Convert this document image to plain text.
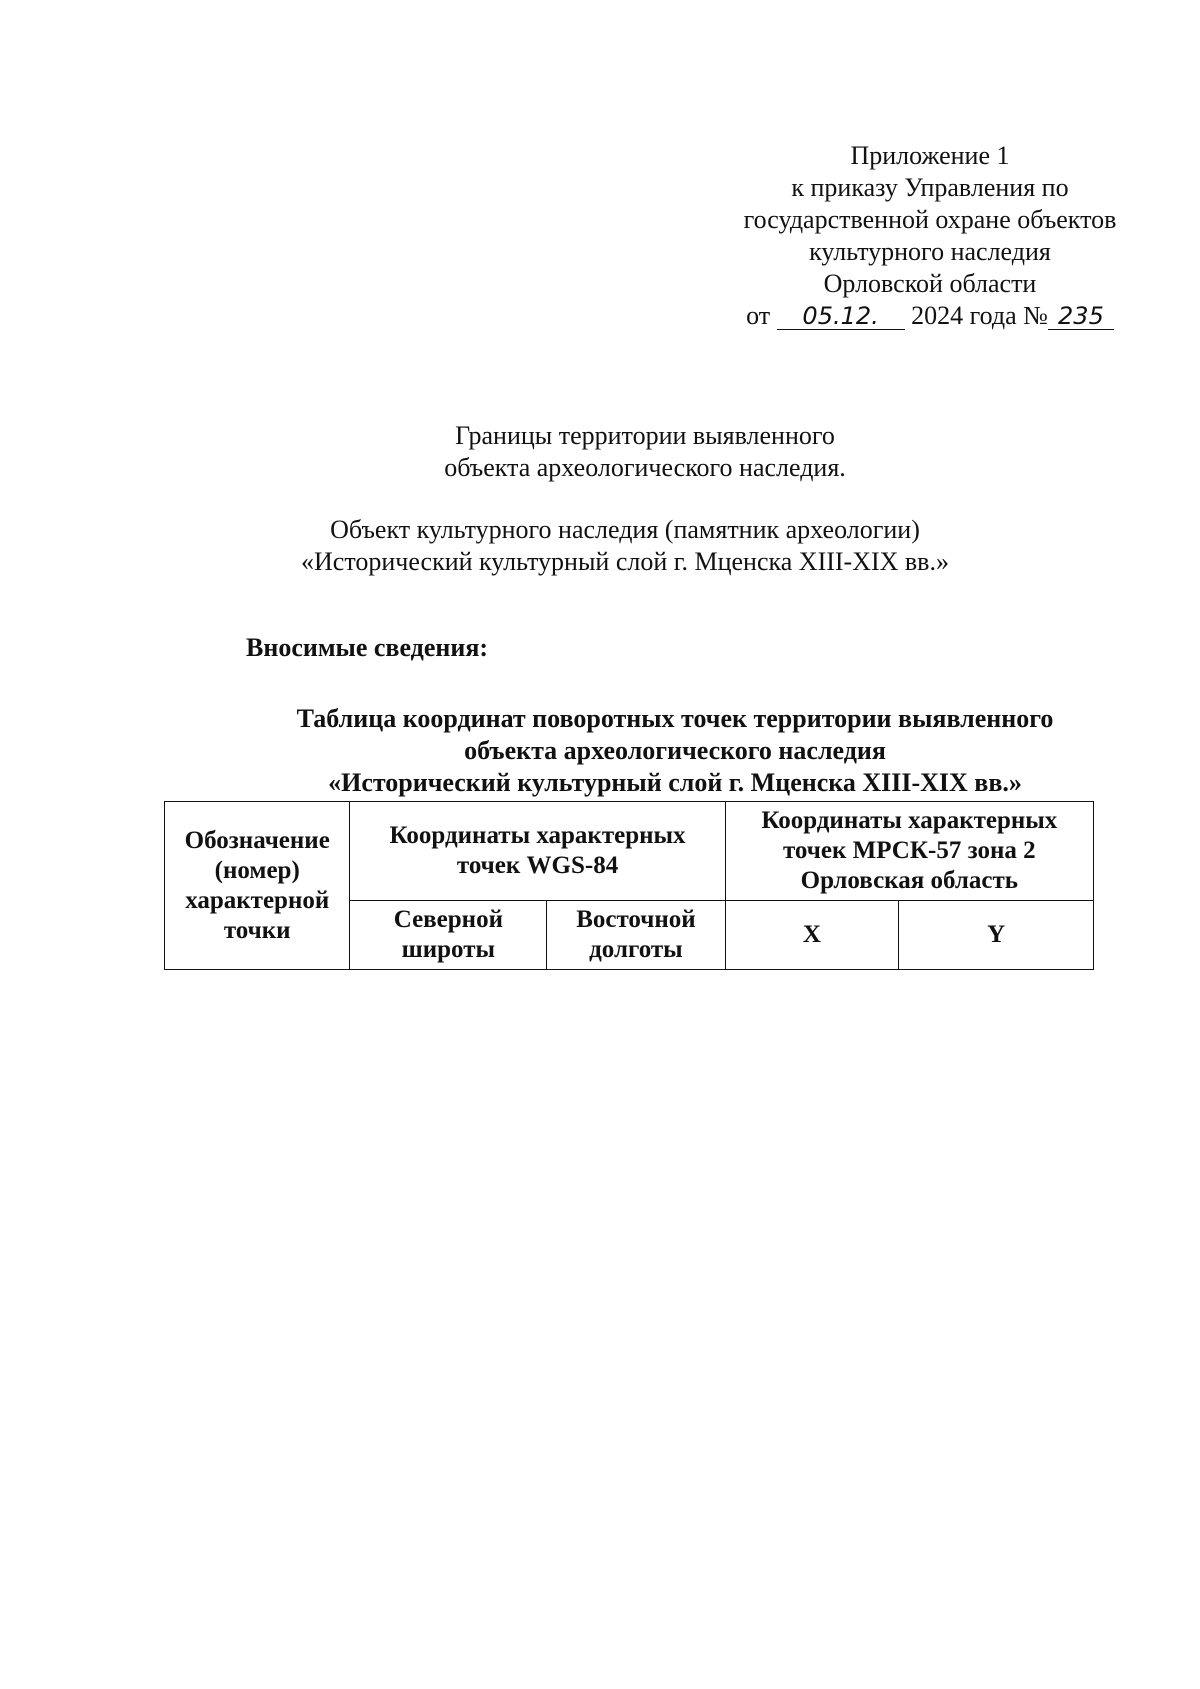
Приложение 1
к приказу Управления по
государственной охране объектов
культурного наследия
Орловской области
от 05.12. 2024 года № 235
Границы территории выявленного
объекта археологического наследия.
Объект культурного наследия (памятник археологии)
«Исторический культурный слой г. Мценска XIII-XIX вв.»
Вносимые сведения:
Таблица координат поворотных точек территории выявленного
объекта археологического наследия
«Исторический культурный слой г. Мценска XIII-XIX вв.»
Обозначение (номер) характерной точки	Координаты характерных точек WGS-84		Координаты характерных точек МРСК-57 зона 2 Орловская область	
	Северной широты	Восточной долготы	X	Y
